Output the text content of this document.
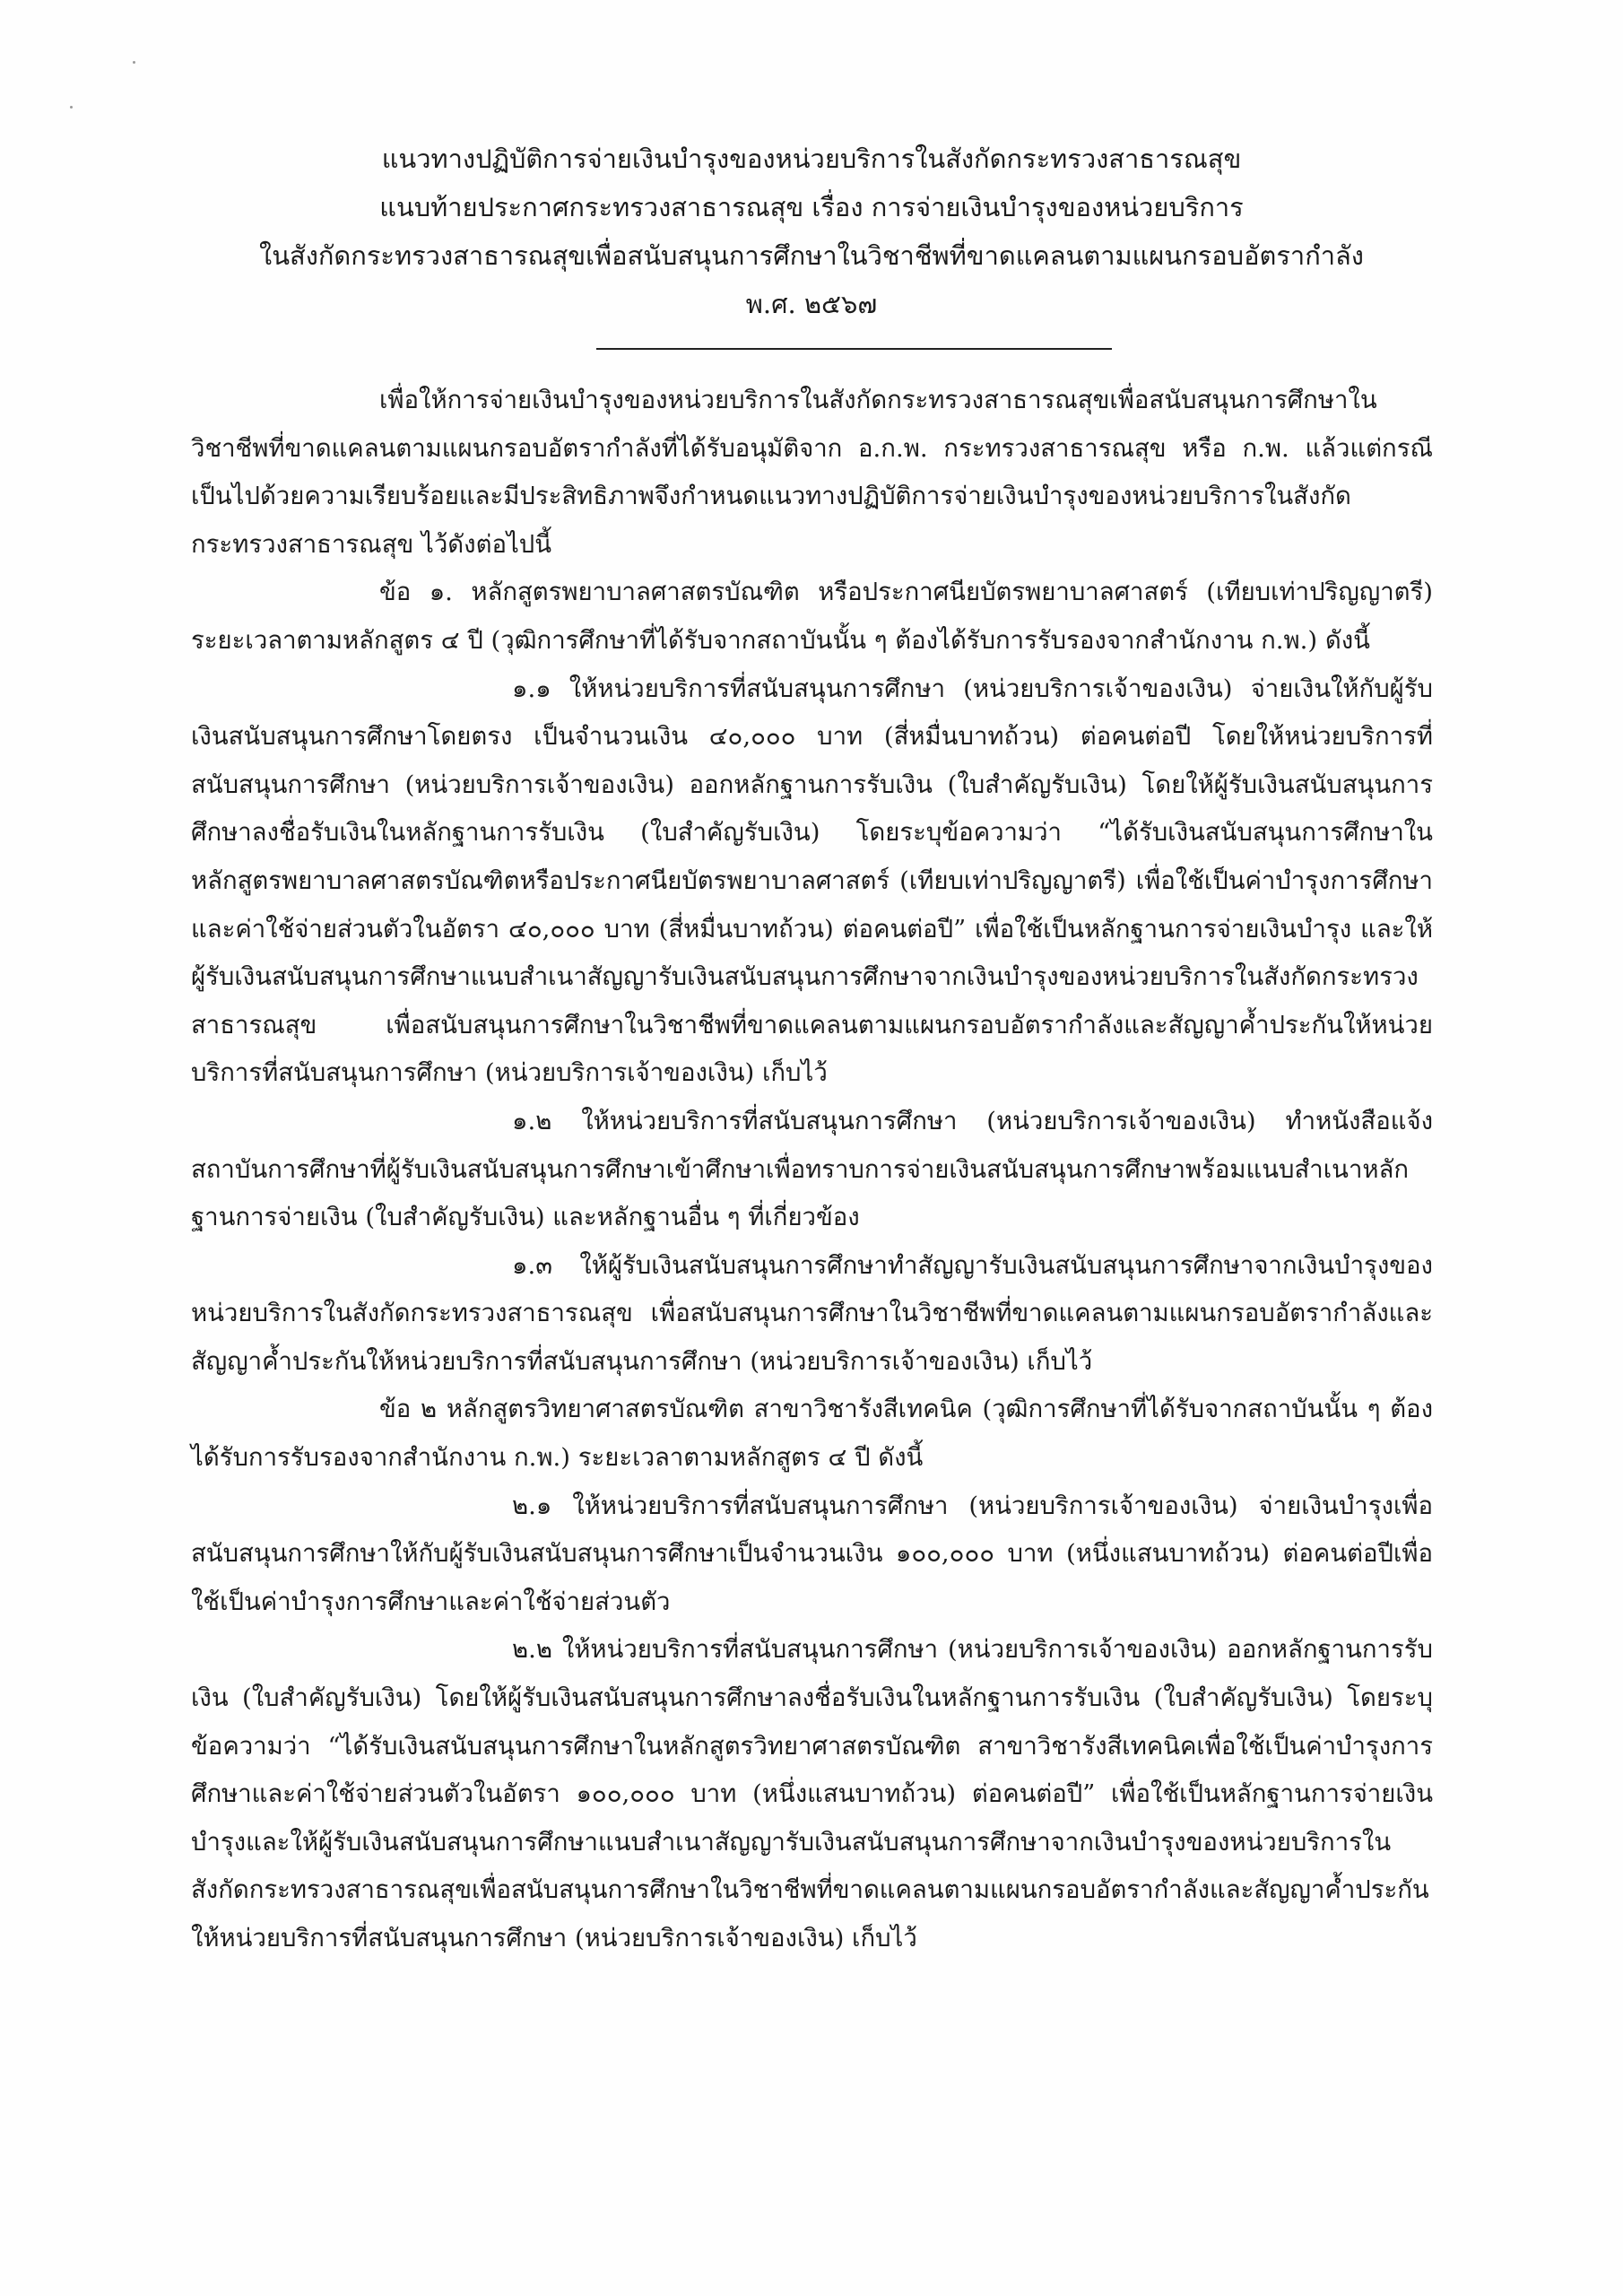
แนวทางปฏิบัติการจ่ายเงินบำรุงของหน่วยบริการในสังกัดกระทรวงสาธารณสุข
แนบท้ายประกาศกระทรวงสาธารณสุข เรื่อง การจ่ายเงินบำรุงของหน่วยบริการ
ในสังกัดกระทรวงสาธารณสุขเพื่อสนับสนุนการศึกษาในวิชาชีพที่ขาดแคลนตามแผนกรอบอัตรากำลัง
พ.ศ. ๒๕๖๗

เพื่อให้การจ่ายเงินบำรุงของหน่วยบริการในสังกัดกระทรวงสาธารณสุขเพื่อสนับสนุนการศึกษาในวิชาชีพที่ขาดแคลนตามแผนกรอบอัตรากำลังที่ได้รับอนุมัติจาก อ.ก.พ. กระทรวงสาธารณสุข หรือ ก.พ. แล้วแต่กรณี เป็นไปด้วยความเรียบร้อยและมีประสิทธิภาพจึงกำหนดแนวทางปฏิบัติการจ่ายเงินบำรุงของหน่วยบริการในสังกัดกระทรวงสาธารณสุข ไว้ดังต่อไปนี้

ข้อ ๑. หลักสูตรพยาบาลศาสตรบัณฑิต หรือประกาศนียบัตรพยาบาลศาสตร์ (เทียบเท่าปริญญาตรี) ระยะเวลาตามหลักสูตร ๔ ปี (วุฒิการศึกษาที่ได้รับจากสถาบันนั้น ๆ ต้องได้รับการรับรองจากสำนักงาน ก.พ.) ดังนี้

๑.๑ ให้หน่วยบริการที่สนับสนุนการศึกษา (หน่วยบริการเจ้าของเงิน) จ่ายเงินให้กับผู้รับเงินสนับสนุนการศึกษาโดยตรง เป็นจำนวนเงิน ๔๐,๐๐๐ บาท (สี่หมื่นบาทถ้วน) ต่อคนต่อปี โดยให้หน่วยบริการที่สนับสนุนการศึกษา (หน่วยบริการเจ้าของเงิน) ออกหลักฐานการรับเงิน (ใบสำคัญรับเงิน) โดยให้ผู้รับเงินสนับสนุนการศึกษาลงชื่อรับเงินในหลักฐานการรับเงิน (ใบสำคัญรับเงิน) โดยระบุข้อความว่า “ได้รับเงินสนับสนุนการศึกษาในหลักสูตรพยาบาลศาสตรบัณฑิตหรือประกาศนียบัตรพยาบาลศาสตร์ (เทียบเท่าปริญญาตรี) เพื่อใช้เป็นค่าบำรุงการศึกษาและค่าใช้จ่ายส่วนตัวในอัตรา ๔๐,๐๐๐ บาท (สี่หมื่นบาทถ้วน) ต่อคนต่อปี” เพื่อใช้เป็นหลักฐานการจ่ายเงินบำรุง และให้ผู้รับเงินสนับสนุนการศึกษาแนบสำเนาสัญญารับเงินสนับสนุนการศึกษาจากเงินบำรุงของหน่วยบริการในสังกัดกระทรวงสาธารณสุข เพื่อสนับสนุนการศึกษาในวิชาชีพที่ขาดแคลนตามแผนกรอบอัตรากำลังและสัญญาค้ำประกันให้หน่วยบริการที่สนับสนุนการศึกษา (หน่วยบริการเจ้าของเงิน) เก็บไว้

๑.๒ ให้หน่วยบริการที่สนับสนุนการศึกษา (หน่วยบริการเจ้าของเงิน) ทำหนังสือแจ้งสถาบันการศึกษาที่ผู้รับเงินสนับสนุนการศึกษาเข้าศึกษาเพื่อทราบการจ่ายเงินสนับสนุนการศึกษาพร้อมแนบสำเนาหลักฐานการจ่ายเงิน (ใบสำคัญรับเงิน) และหลักฐานอื่น ๆ ที่เกี่ยวข้อง

๑.๓ ให้ผู้รับเงินสนับสนุนการศึกษาทำสัญญารับเงินสนับสนุนการศึกษาจากเงินบำรุงของหน่วยบริการในสังกัดกระทรวงสาธารณสุข เพื่อสนับสนุนการศึกษาในวิชาชีพที่ขาดแคลนตามแผนกรอบอัตรากำลังและสัญญาค้ำประกันให้หน่วยบริการที่สนับสนุนการศึกษา (หน่วยบริการเจ้าของเงิน) เก็บไว้

ข้อ ๒ หลักสูตรวิทยาศาสตรบัณฑิต สาขาวิชารังสีเทคนิค (วุฒิการศึกษาที่ได้รับจากสถาบันนั้น ๆ ต้องได้รับการรับรองจากสำนักงาน ก.พ.) ระยะเวลาตามหลักสูตร ๔ ปี ดังนี้

๒.๑ ให้หน่วยบริการที่สนับสนุนการศึกษา (หน่วยบริการเจ้าของเงิน) จ่ายเงินบำรุงเพื่อสนับสนุนการศึกษาให้กับผู้รับเงินสนับสนุนการศึกษาเป็นจำนวนเงิน ๑๐๐,๐๐๐ บาท (หนึ่งแสนบาทถ้วน) ต่อคนต่อปีเพื่อใช้เป็นค่าบำรุงการศึกษาและค่าใช้จ่ายส่วนตัว

๒.๒ ให้หน่วยบริการที่สนับสนุนการศึกษา (หน่วยบริการเจ้าของเงิน) ออกหลักฐานการรับเงิน (ใบสำคัญรับเงิน) โดยให้ผู้รับเงินสนับสนุนการศึกษาลงชื่อรับเงินในหลักฐานการรับเงิน (ใบสำคัญรับเงิน) โดยระบุข้อความว่า “ได้รับเงินสนับสนุนการศึกษาในหลักสูตรวิทยาศาสตรบัณฑิต สาขาวิชารังสีเทคนิคเพื่อใช้เป็นค่าบำรุงการศึกษาและค่าใช้จ่ายส่วนตัวในอัตรา ๑๐๐,๐๐๐ บาท (หนึ่งแสนบาทถ้วน) ต่อคนต่อปี” เพื่อใช้เป็นหลักฐานการจ่ายเงินบำรุงและให้ผู้รับเงินสนับสนุนการศึกษาแนบสำเนาสัญญารับเงินสนับสนุนการศึกษาจากเงินบำรุงของหน่วยบริการในสังกัดกระทรวงสาธารณสุขเพื่อสนับสนุนการศึกษาในวิชาชีพที่ขาดแคลนตามแผนกรอบอัตรากำลังและสัญญาค้ำประกันให้หน่วยบริการที่สนับสนุนการศึกษา (หน่วยบริการเจ้าของเงิน) เก็บไว้
